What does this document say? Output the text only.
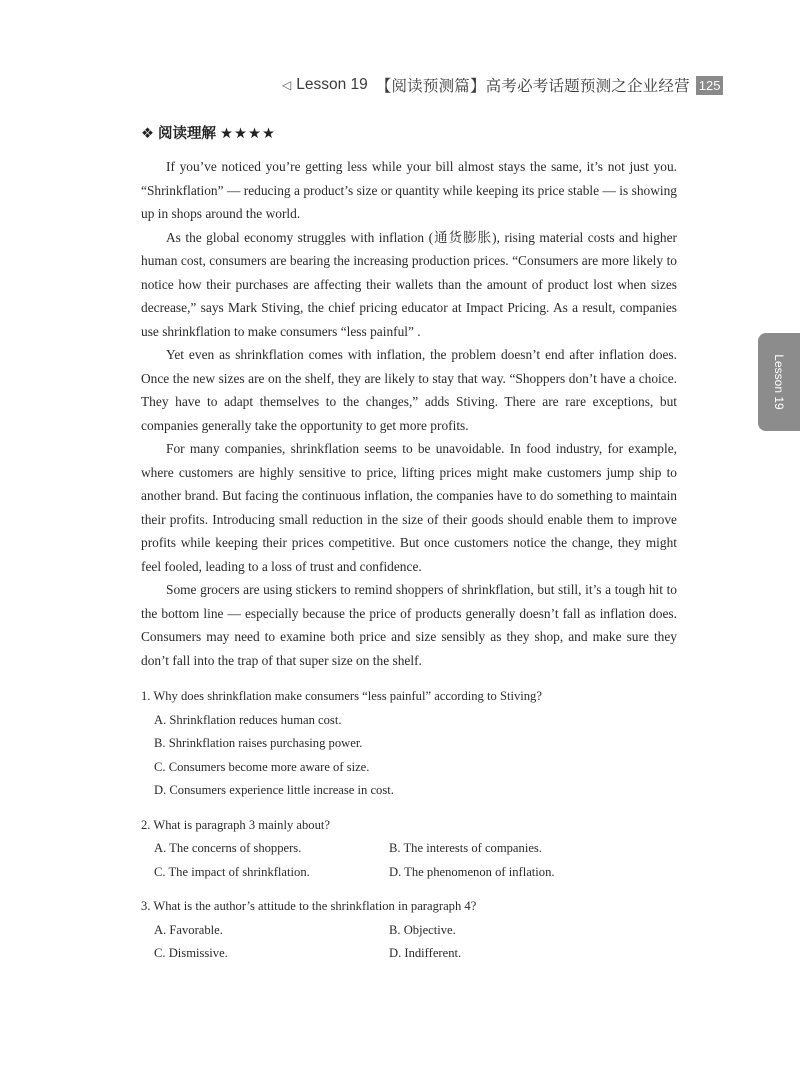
◁ Lesson 19 【阅读预测篇】高考必考话题预测之企业经营 125
Lesson 19
❖ 阅读理解 ★★★★

If you’ve noticed you’re getting less while your bill almost stays the same, it’s not just you. “Shrinkflation” — reducing a product’s size or quantity while keeping its price stable — is showing up in shops around the world.

As the global economy struggles with inflation (通货膨胀), rising material costs and higher human cost, consumers are bearing the increasing production prices. “Consumers are more likely to notice how their purchases are affecting their wallets than the amount of product lost when sizes decrease,” says Mark Stiving, the chief pricing educator at Impact Pricing. As a result, companies use shrinkflation to make consumers “less painful” .

Yet even as shrinkflation comes with inflation, the problem doesn’t end after inflation does. Once the new sizes are on the shelf, they are likely to stay that way. “Shoppers don’t have a choice. They have to adapt themselves to the changes,” adds Stiving. There are rare exceptions, but companies generally take the opportunity to get more profits.

For many companies, shrinkflation seems to be unavoidable. In food industry, for example, where customers are highly sensitive to price, lifting prices might make customers jump ship to another brand. But facing the continuous inflation, the companies have to do something to maintain their profits. Introducing small reduction in the size of their goods should enable them to improve profits while keeping their prices competitive. But once customers notice the change, they might feel fooled, leading to a loss of trust and confidence.

Some grocers are using stickers to remind shoppers of shrinkflation, but still, it’s a tough hit to the bottom line — especially because the price of products generally doesn’t fall as inflation does. Consumers may need to examine both price and size sensibly as they shop, and make sure they don’t fall into the trap of that super size on the shelf.

1. Why does shrinkflation make consumers “less painful” according to Stiving?

A. Shrinkflation reduces human cost.
B. Shrinkflation raises purchasing power.
C. Consumers become more aware of size.
D. Consumers experience little increase in cost.

2. What is paragraph 3 mainly about?

A. The concerns of shoppers.	B. The interests of companies.
C. The impact of shrinkflation.	D. The phenomenon of inflation.

3. What is the author’s attitude to the shrinkflation in paragraph 4?

A. Favorable.	B. Objective.
C. Dismissive.	D. Indifferent.
